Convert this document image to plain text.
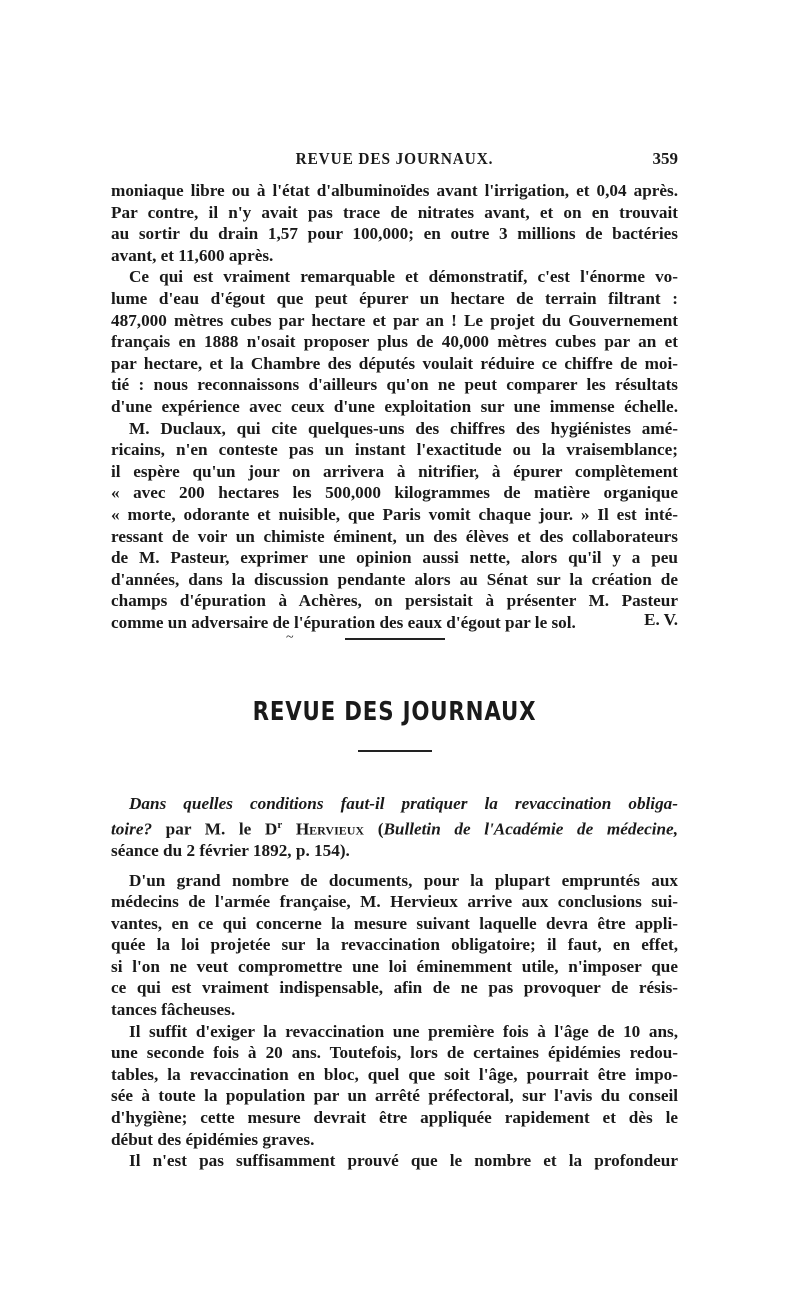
REVUE DES JOURNAUX.	359

moniaque libre ou à l'état d'albuminoïdes avant l'irrigation, et 0,04 après.
Par contre, il n'y avait pas trace de nitrates avant, et on en trouvait
au sortir du drain 1,57 pour 100,000; en outre 3 millions de bactéries
avant, et 11,600 après.

Ce qui est vraiment remarquable et démonstratif, c'est l'énorme vo-
lume d'eau d'égout que peut épurer un hectare de terrain filtrant :
487,000 mètres cubes par hectare et par an ! Le projet du Gouvernement
français en 1888 n'osait proposer plus de 40,000 mètres cubes par an et
par hectare, et la Chambre des députés voulait réduire ce chiffre de moi-
tié : nous reconnaissons d'ailleurs qu'on ne peut comparer les résultats
d'une expérience avec ceux d'une exploitation sur une immense échelle.

M. Duclaux, qui cite quelques-uns des chiffres des hygiénistes amé-
ricains, n'en conteste pas un instant l'exactitude ou la vraisemblance;
il espère qu'un jour on arrivera à nitrifier, à épurer complètement
« avec 200 hectares les 500,000 kilogrammes de matière organique
« morte, odorante et nuisible, que Paris vomit chaque jour. » Il est inté-
ressant de voir un chimiste éminent, un des élèves et des collaborateurs
de M. Pasteur, exprimer une opinion aussi nette, alors qu'il y a peu
d'années, dans la discussion pendante alors au Sénat sur la création de
champs d'épuration à Achères, on persistait à présenter M. Pasteur
comme un adversaire de l'épuration des eaux d'égout par le sol.	E. V.
~
REVUE DES JOURNAUX

Dans quelles conditions faut-il pratiquer la revaccination obliga-
toire? par M. le $D^r$ Hervieux (Bulletin de l'Académie de médecine,
séance du 2 février 1892, p. 154).

D'un grand nombre de documents, pour la plupart empruntés aux
médecins de l'armée française, M. Hervieux arrive aux conclusions sui-
vantes, en ce qui concerne la mesure suivant laquelle devra être appli-
quée la loi projetée sur la revaccination obligatoire; il faut, en effet,
si l'on ne veut compromettre une loi éminemment utile, n'imposer que
ce qui est vraiment indispensable, afin de ne pas provoquer de résis-
tances fâcheuses.

Il suffit d'exiger la revaccination une première fois à l'âge de 10 ans,
une seconde fois à 20 ans. Toutefois, lors de certaines épidémies redou-
tables, la revaccination en bloc, quel que soit l'âge, pourrait être impo-
sée à toute la population par un arrêté préfectoral, sur l'avis du conseil
d'hygiène; cette mesure devrait être appliquée rapidement et dès le
début des épidémies graves.

Il n'est pas suffisamment prouvé que le nombre et la profondeur
